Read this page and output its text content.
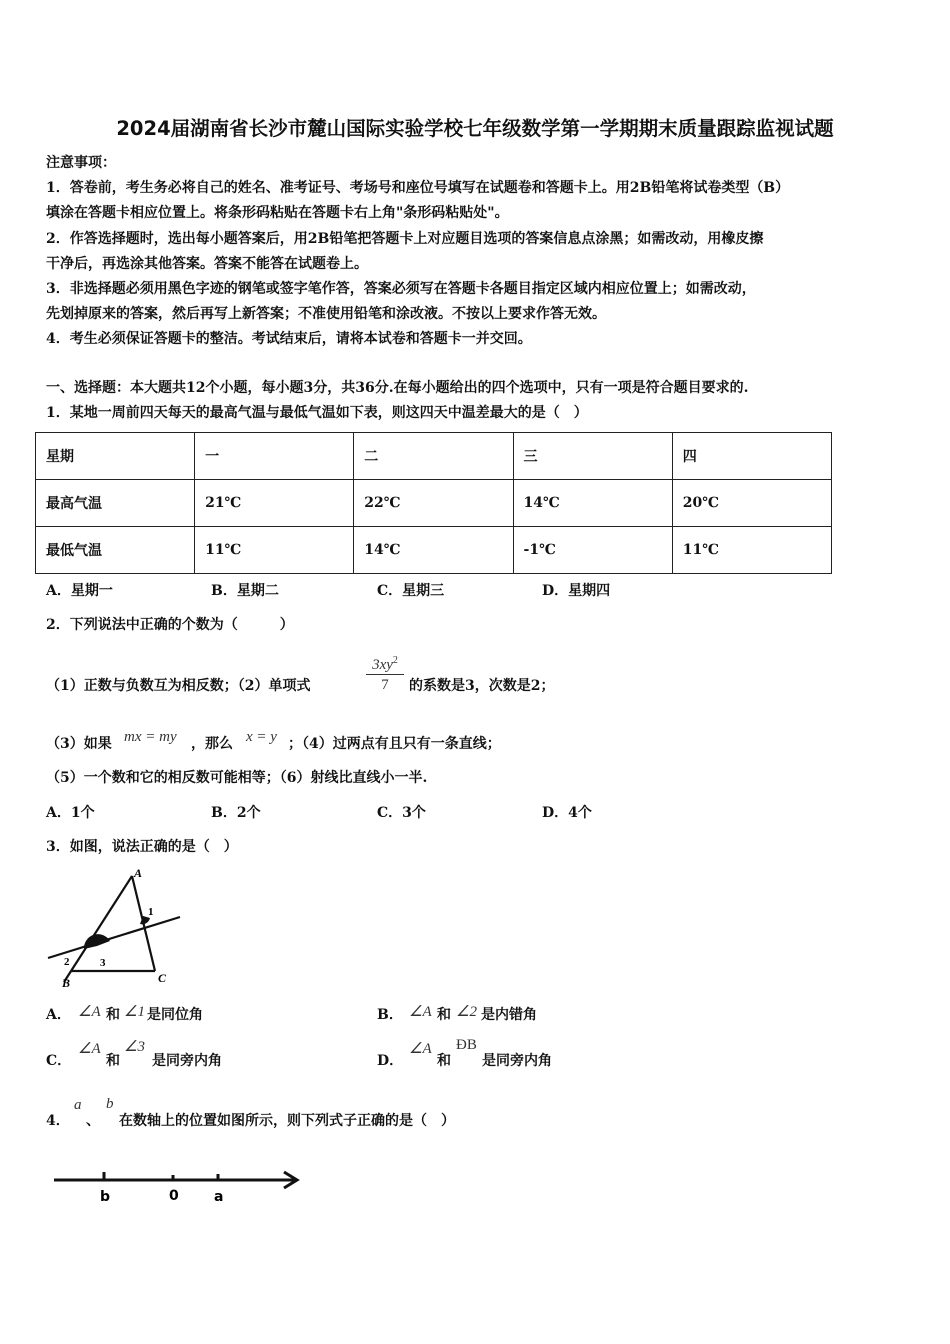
2024届湖南省长沙市麓山国际实验学校七年级数学第一学期期末质量跟踪监视试题
注意事项：
1．答卷前，考生务必将自己的姓名、准考证号、考场号和座位号填写在试题卷和答题卡上。用2B铅笔将试卷类型（B）
填涂在答题卡相应位置上。将条形码粘贴在答题卡右上角"条形码粘贴处"。
2．作答选择题时，选出每小题答案后，用2B铅笔把答题卡上对应题目选项的答案信息点涂黑；如需改动，用橡皮擦
干净后，再选涂其他答案。答案不能答在试题卷上。
3．非选择题必须用黑色字迹的钢笔或签字笔作答，答案必须写在答题卡各题目指定区域内相应位置上；如需改动，
先划掉原来的答案，然后再写上新答案；不准使用铅笔和涂改液。不按以上要求作答无效。
4．考生必须保证答题卡的整洁。考试结束后，请将本试卷和答题卡一并交回。
一、选择题：本大题共12个小题，每小题3分，共36分.在每小题给出的四个选项中，只有一项是符合题目要求的.
1．某地一周前四天每天的最高气温与最低气温如下表，则这四天中温差最大的是（　）
星期	一	二	三	四
最高气温	21℃	22℃	14℃	20℃
最低气温	11℃	14℃	-1℃	11℃
A．星期一	B．星期二	C．星期三	D．星期四
2．下列说法中正确的个数为（　　　）
（1）正数与负数互为相反数；（2）单项式
$3xy^2$
7	的系数是3，次数是2；
（3）如果 mx = my ，那么 x = y ；（4）过两点有且只有一条直线；
（5）一个数和它的相反数可能相等；（6）射线比直线小一半.
A．1个	B．2个	C．3个	D．4个
3．如图，说法正确的是（　）
A
1
2	3
B	C
A． ∠A 和 ∠1 是同位角	B． ∠A 和 ∠2 是内错角
C．
∠A
和
∠3
是同旁内角	D．
∠A
和
ÐB
是同旁内角
4．
a
、
b
在数轴上的位置如图所示，则下列式子正确的是（　）
b	0	a
